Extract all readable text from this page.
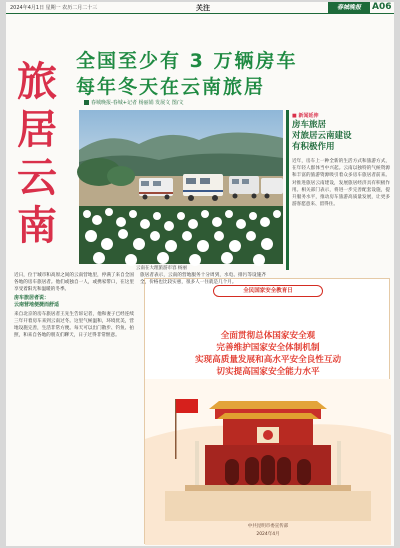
2024年4月1日 星期一 农历二月二十三	关注	春城晚报	A06
旅
居
云
南
全国至少有 3 万辆房车
每年冬天在云南旅居
春城晚报-春城+记者 杨丽娟 发展文 图/文
云南在大理旅游市容 杨丽
■ 新闻延伸
房车旅居
对旅居云南建设
有积极作用
近年，房车上一种全新的生活方式和旅游方式，在年轻人群体当中兴起。云南以独特的气候资源和丰富的旅游资源吸引着众多房车旅居者前来。对推进旅居云南建设，发展旅居经济具有积极作用。相关部门表示，将进一步完善配套设施，提升服务水平，推动房车旅游高质量发展，让更多游客愿意来、留得住。

近日，位于城市和高原之间的云南营地里，停满了来自全国各地的房车旅居者。他们或独自一人，或携家带口，在这里享受着阳光和温暖的冬季。

房车旅居者说：
云南营地便捷而舒适

来自北京的房车旅居者王先生告诉记者，他和妻子已经连续三年开着房车来到云南过冬。这里气候温和，环境优美，营地设施完善，生活非常方便。每天可以出门散步、钓鱼、拍照，和来自各地的朋友们聊天，日子过得非常惬意。

全民国家安全教育日
全面贯彻总体国家安全观
完善维护国家安全体制机制
实现高质量发展和高水平安全良性互动
切实提高国家安全能力水平
中共昆明市委宣传部
2024年4月

旅居者表示，云南的营地服务十分周到，水电、排污等设施齐全，价格也比较实惠，很多人一住就是几个月。
